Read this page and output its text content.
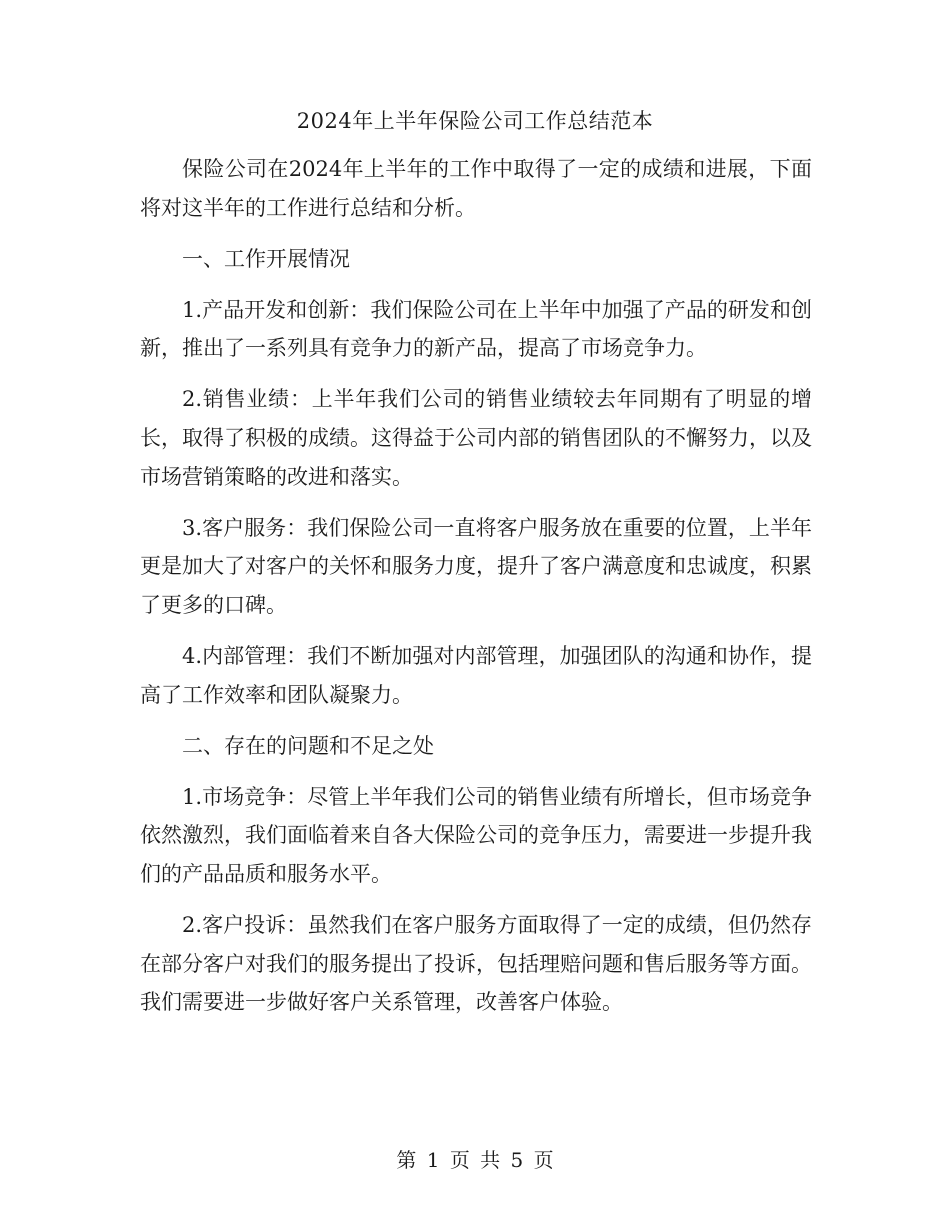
2024年上半年保险公司工作总结范本

保险公司在2024年上半年的工作中取得了一定的成绩和进展，下面将对这半年的工作进行总结和分析。

一、工作开展情况

1.产品开发和创新：我们保险公司在上半年中加强了产品的研发和创新，推出了一系列具有竞争力的新产品，提高了市场竞争力。

2.销售业绩：上半年我们公司的销售业绩较去年同期有了明显的增长，取得了积极的成绩。这得益于公司内部的销售团队的不懈努力，以及市场营销策略的改进和落实。

3.客户服务：我们保险公司一直将客户服务放在重要的位置，上半年更是加大了对客户的关怀和服务力度，提升了客户满意度和忠诚度，积累了更多的口碑。

4.内部管理：我们不断加强对内部管理，加强团队的沟通和协作，提高了工作效率和团队凝聚力。

二、存在的问题和不足之处

1.市场竞争：尽管上半年我们公司的销售业绩有所增长，但市场竞争依然激烈，我们面临着来自各大保险公司的竞争压力，需要进一步提升我们的产品品质和服务水平。

2.客户投诉：虽然我们在客户服务方面取得了一定的成绩，但仍然存在部分客户对我们的服务提出了投诉，包括理赔问题和售后服务等方面。我们需要进一步做好客户关系管理，改善客户体验。

第 1 页 共 5 页
